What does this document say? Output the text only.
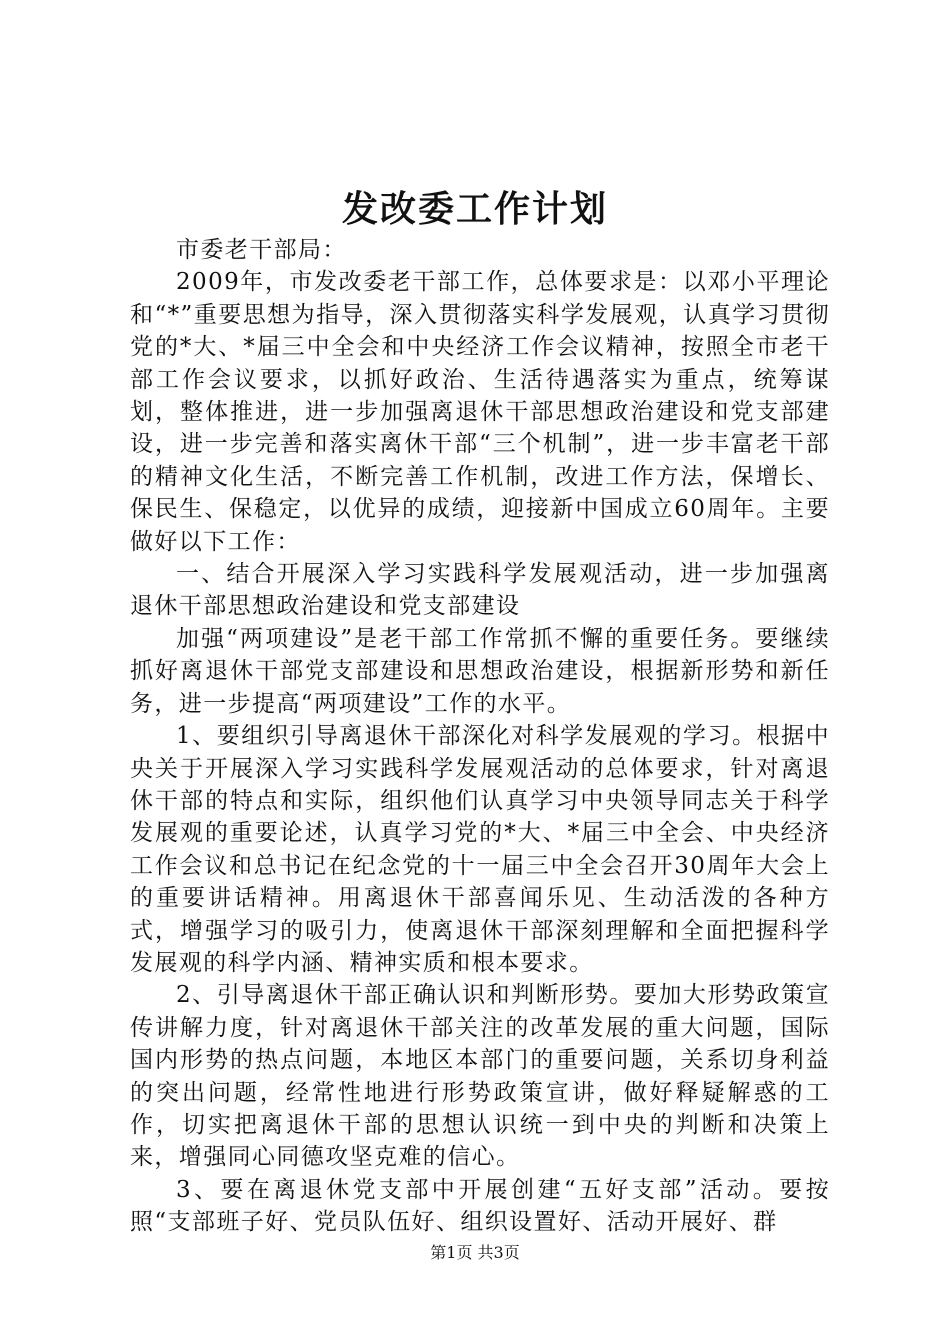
发改委工作计划

市委老干部局：

2009年，市发改委老干部工作，总体要求是：以邓小平理论和“*”重要思想为指导，深入贯彻落实科学发展观，认真学习贯彻党的*大、*届三中全会和中央经济工作会议精神，按照全市老干部工作会议要求，以抓好政治、生活待遇落实为重点，统筹谋划，整体推进，进一步加强离退休干部思想政治建设和党支部建设，进一步完善和落实离休干部“三个机制”，进一步丰富老干部的精神文化生活，不断完善工作机制，改进工作方法，保增长、保民生、保稳定，以优异的成绩，迎接新中国成立60周年。主要做好以下工作：

一、结合开展深入学习实践科学发展观活动，进一步加强离退休干部思想政治建设和党支部建设

加强“两项建设”是老干部工作常抓不懈的重要任务。要继续抓好离退休干部党支部建设和思想政治建设，根据新形势和新任务，进一步提高“两项建设”工作的水平。

1、要组织引导离退休干部深化对科学发展观的学习。根据中央关于开展深入学习实践科学发展观活动的总体要求，针对离退休干部的特点和实际，组织他们认真学习中央领导同志关于科学发展观的重要论述，认真学习党的*大、*届三中全会、中央经济工作会议和总书记在纪念党的十一届三中全会召开30周年大会上的重要讲话精神。用离退休干部喜闻乐见、生动活泼的各种方式，增强学习的吸引力，使离退休干部深刻理解和全面把握科学发展观的科学内涵、精神实质和根本要求。

2、引导离退休干部正确认识和判断形势。要加大形势政策宣传讲解力度，针对离退休干部关注的改革发展的重大问题，国际国内形势的热点问题，本地区本部门的重要问题，关系切身利益的突出问题，经常性地进行形势政策宣讲，做好释疑解惑的工作，切实把离退休干部的思想认识统一到中央的判断和决策上来，增强同心同德攻坚克难的信心。

3、要在离退休党支部中开展创建“五好支部”活动。要按照“支部班子好、党员队伍好、组织设置好、活动开展好、群

第1页 共3页
